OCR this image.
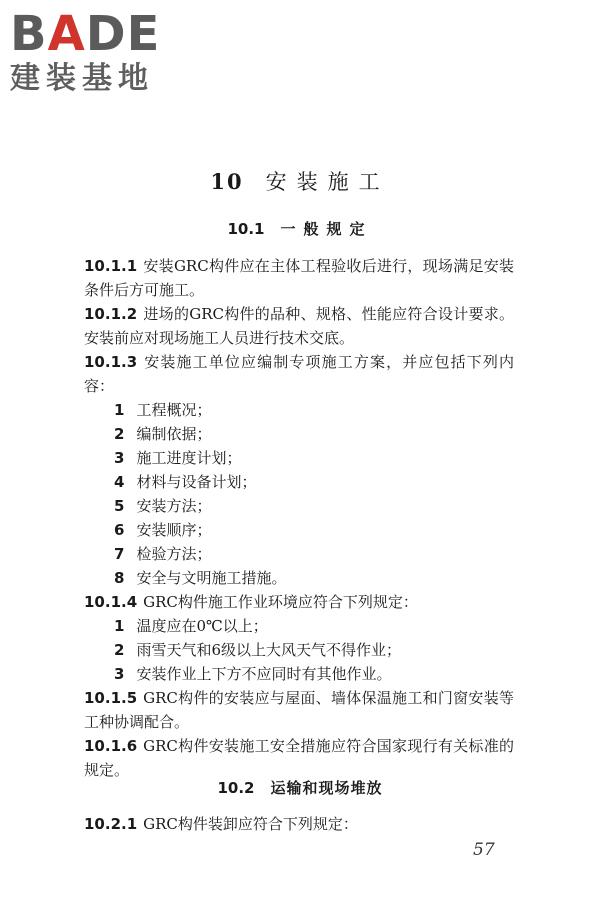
BADE
建装基地
10 安装施工
10.1 一般规定

10.1.1 安装GRC构件应在主体工程验收后进行，现场满足安装条件后方可施工。

10.1.2 进场的GRC构件的品种、规格、性能应符合设计要求。安装前应对现场施工人员进行技术交底。

10.1.3 安装施工单位应编制专项施工方案，并应包括下列内容：

1 工程概况；

2 编制依据；

3 施工进度计划；

4 材料与设备计划；

5 安装方法；

6 安装顺序；

7 检验方法；

8 安全与文明施工措施。

10.1.4 GRC构件施工作业环境应符合下列规定：

1 温度应在0℃以上；

2 雨雪天气和6级以上大风天气不得作业；

3 安装作业上下方不应同时有其他作业。

10.1.5 GRC构件的安装应与屋面、墙体保温施工和门窗安装等工种协调配合。

10.1.6 GRC构件安装施工安全措施应符合国家现行有关标准的规定。

10.2 运输和现场堆放

10.2.1 GRC构件装卸应符合下列规定：

57
